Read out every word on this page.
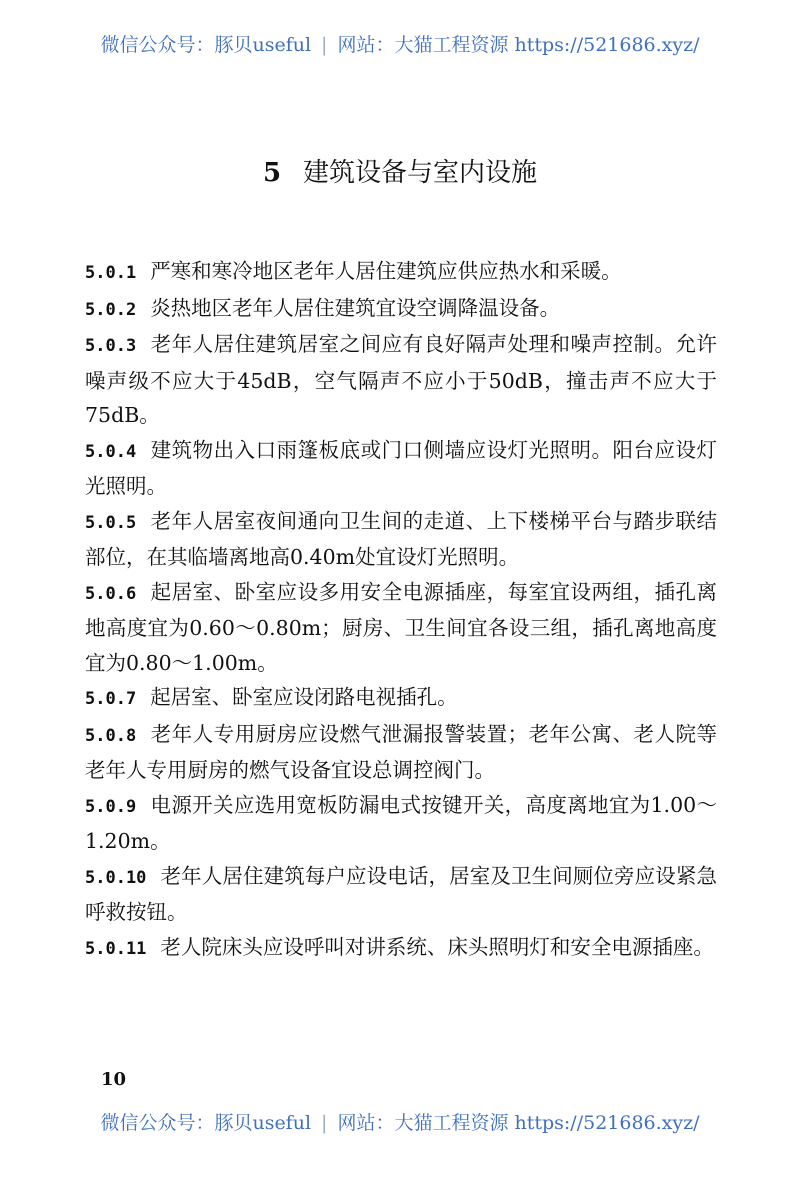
微信公众号：豚贝useful | 网站：大猫工程资源 https://521686.xyz/
5 建筑设备与室内设施

5.0.1 严寒和寒冷地区老年人居住建筑应供应热水和采暖。

5.0.2 炎热地区老年人居住建筑宜设空调降温设备。

5.0.3 老年人居住建筑居室之间应有良好隔声处理和噪声控制。允许噪声级不应大于45dB，空气隔声不应小于50dB，撞击声不应大于75dB。

5.0.4 建筑物出入口雨篷板底或门口侧墙应设灯光照明。阳台应设灯光照明。

5.0.5 老年人居室夜间通向卫生间的走道、上下楼梯平台与踏步联结部位，在其临墙离地高0.40m处宜设灯光照明。

5.0.6 起居室、卧室应设多用安全电源插座，每室宜设两组，插孔离地高度宜为0.60～0.80m；厨房、卫生间宜各设三组，插孔离地高度宜为0.80～1.00m。

5.0.7 起居室、卧室应设闭路电视插孔。

5.0.8 老年人专用厨房应设燃气泄漏报警装置；老年公寓、老人院等老年人专用厨房的燃气设备宜设总调控阀门。

5.0.9 电源开关应选用宽板防漏电式按键开关，高度离地宜为1.00～1.20m。

5.0.10 老年人居住建筑每户应设电话，居室及卫生间厕位旁应设紧急呼救按钮。

5.0.11 老人院床头应设呼叫对讲系统、床头照明灯和安全电源插座。

10
微信公众号：豚贝useful | 网站：大猫工程资源 https://521686.xyz/
